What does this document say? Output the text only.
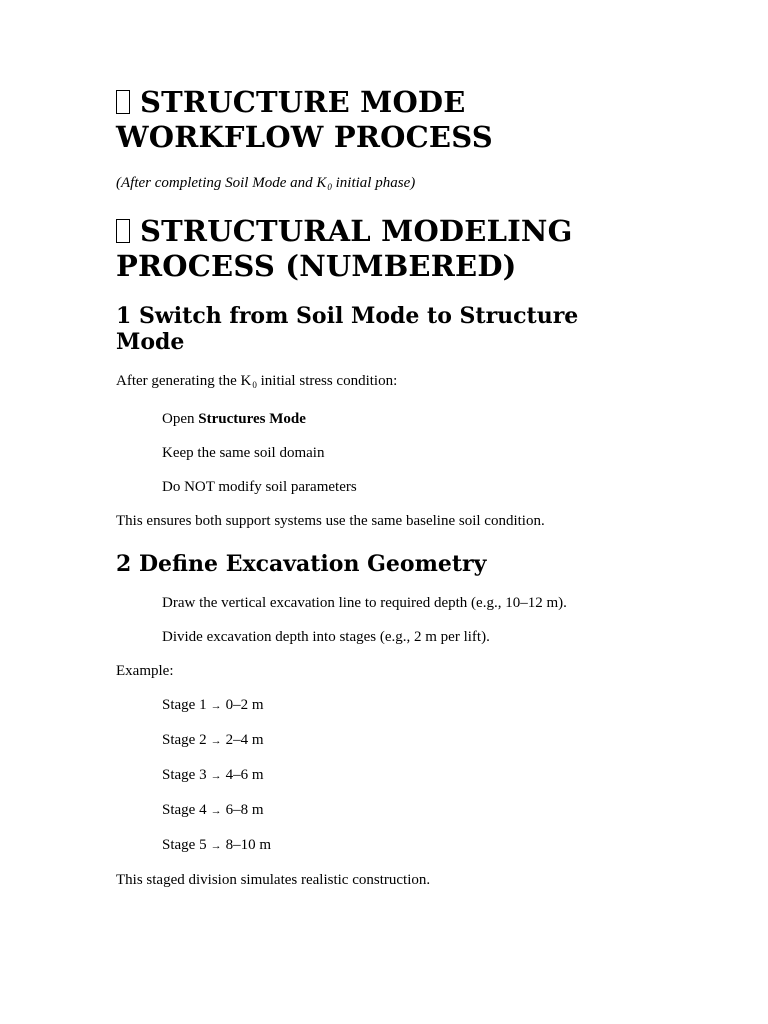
STRUCTURE MODE WORKFLOW PROCESS

(After completing Soil Mode and $K_0$ initial phase)

STRUCTURAL MODELING PROCESS (NUMBERED)
1 Switch from Soil Mode to Structure Mode

After generating the $K_0$ initial stress condition:

Open Structures Mode

Keep the same soil domain

Do NOT modify soil parameters

This ensures both support systems use the same baseline soil condition.

2 Define Excavation Geometry

Draw the vertical excavation line to required depth (e.g., 10–12 m).

Divide excavation depth into stages (e.g., 2 m per lift).

Example:

Stage 1 → 0–2 m

Stage 2 → 2–4 m

Stage 3 → 4–6 m

Stage 4 → 6–8 m

Stage 5 → 8–10 m

This staged division simulates realistic construction.
